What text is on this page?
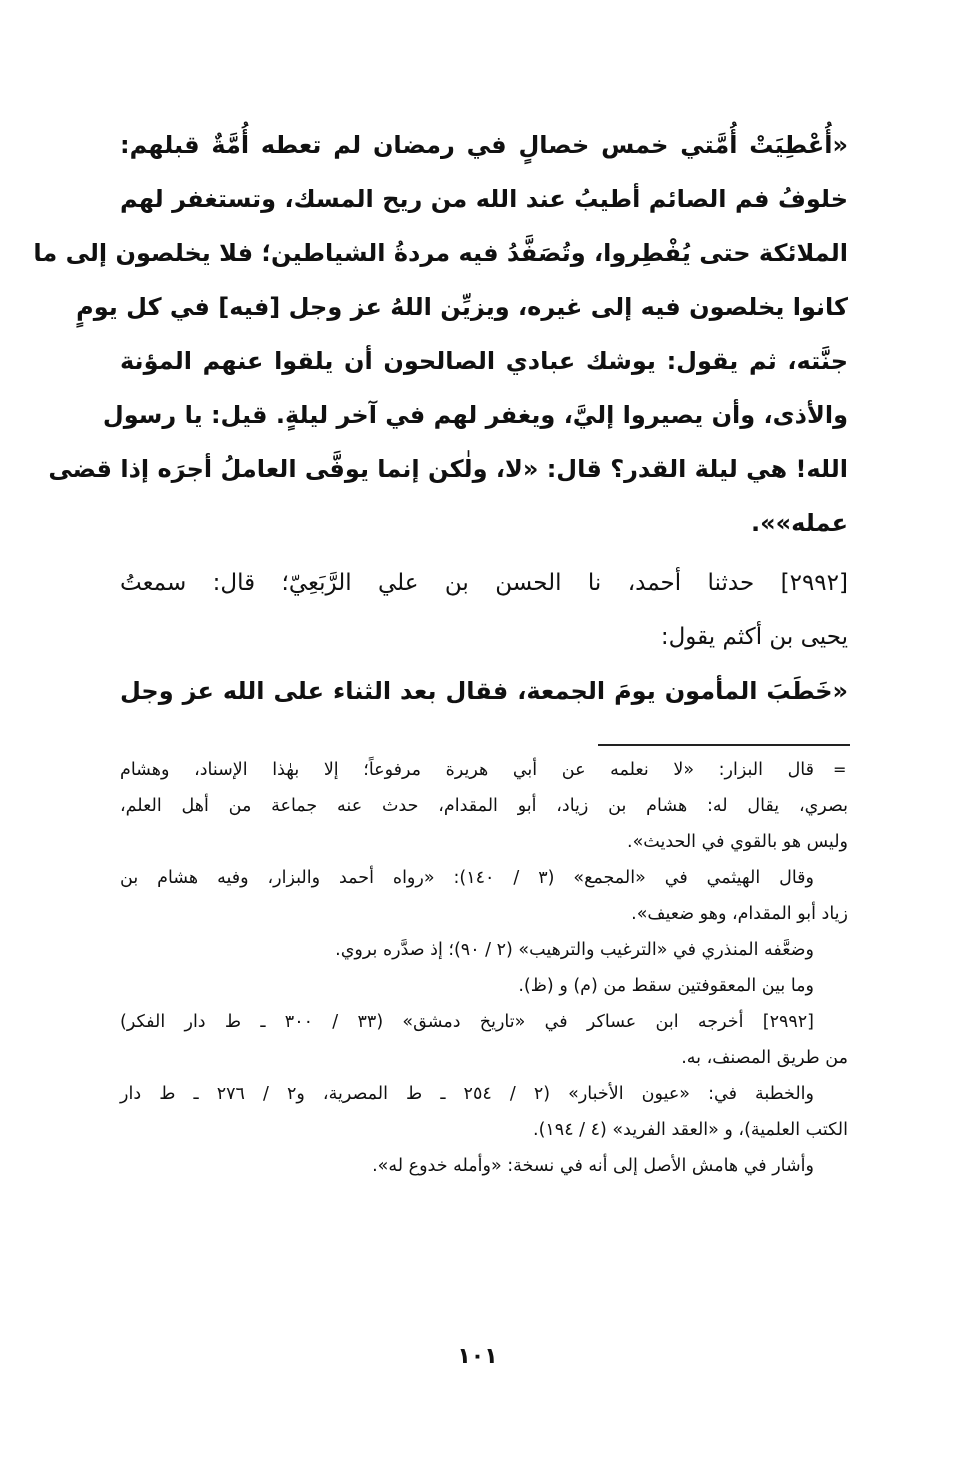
«أُعْطِيَتْ أُمَّتي خمس خصالٍ في رمضان لم تعطه أُمَّةٌ قبلهم:
خلوفُ فم الصائم أطيبُ عند الله من ريح المسك، وتستغفر لهم
الملائكة حتى يُفْطِروا، وتُصَفَّدُ فيه مردةُ الشياطين؛ فلا يخلصون إلى ما
كانوا يخلصون فيه إلى غيره، ويزيِّن اللهُ عز وجل [فيه] في كل يومٍ
جنَّته، ثم يقول: يوشك عبادي الصالحون أن يلقوا عنهم المؤنة
والأذى، وأن يصيروا إليَّ، ويغفر لهم في آخر ليلةٍ. قيل: يا رسول
الله! هي ليلة القدر؟ قال: «لا، ولٰكن إنما يوفَّى العاملُ أجرَه إذا قضى
عمله»».
[٢٩٩٢] حدثنا أحمد، نا الحسن بن علي الرَّبَعِيّ؛ قال: سمعتُ
يحيى بن أكثم يقول:
«خَطَبَ المأمون يومَ الجمعة، فقال بعد الثناء على الله عز وجل
=
قال البزار: «لا نعلمه عن أبي هريرة مرفوعاً؛ إلا بهٰذا الإسناد، وهشام
بصري، يقال له: هشام بن زياد، أبو المقدام، حدث عنه جماعة من أهل العلم،
وليس هو بالقوي في الحديث».
وقال الهيثمي في «المجمع» (٣ / ١٤٠): «رواه أحمد والبزار، وفيه هشام بن
زياد أبو المقدام، وهو ضعيف».
وضعَّفه المنذري في «الترغيب والترهيب» (٢ / ٩٠)؛ إذ صدَّره بروي.
وما بين المعقوفتين سقط من (م) و (ظ).
[٢٩٩٢] أخرجه ابن عساكر في «تاريخ دمشق» (٣٣ / ٣٠٠ ـ ط دار الفكر)
من طريق المصنف، به.
والخطبة في: «عيون الأخبار» (٢ / ٢٥٤ ـ ط المصرية، و٢ / ٢٧٦ ـ ط دار
الكتب العلمية)، و «العقد الفريد» (٤ / ١٩٤).
وأشار في هامش الأصل إلى أنه في نسخة: «وأمله خدوع له».
١٠١
